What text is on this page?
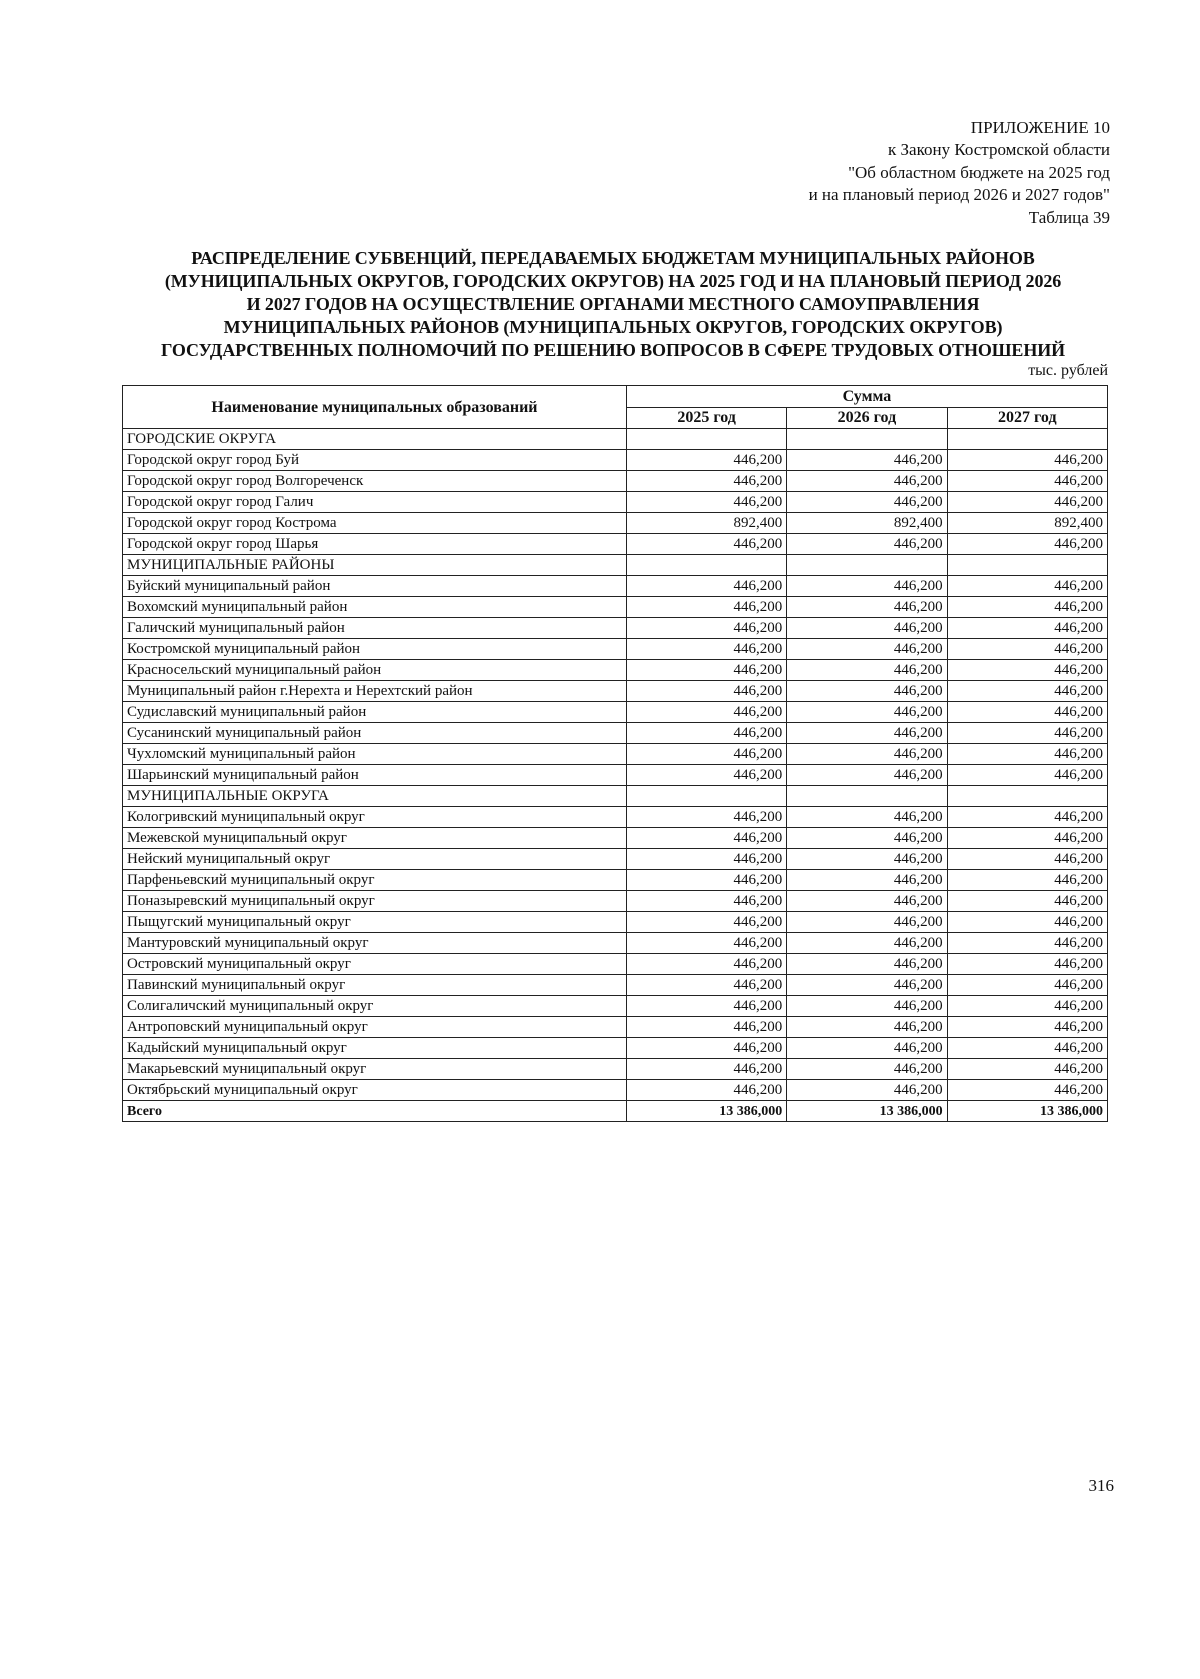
ПРИЛОЖЕНИЕ 10
к Закону Костромской области
"Об областном бюджете на 2025 год
и на плановый период 2026 и 2027 годов"
Таблица 39
РАСПРЕДЕЛЕНИЕ СУБВЕНЦИЙ, ПЕРЕДАВАЕМЫХ БЮДЖЕТАМ МУНИЦИПАЛЬНЫХ РАЙОНОВ
(МУНИЦИПАЛЬНЫХ ОКРУГОВ, ГОРОДСКИХ ОКРУГОВ) НА 2025 ГОД И НА ПЛАНОВЫЙ ПЕРИОД 2026
И 2027 ГОДОВ НА ОСУЩЕСТВЛЕНИЕ ОРГАНАМИ МЕСТНОГО САМОУПРАВЛЕНИЯ
МУНИЦИПАЛЬНЫХ РАЙОНОВ (МУНИЦИПАЛЬНЫХ ОКРУГОВ, ГОРОДСКИХ ОКРУГОВ)
ГОСУДАРСТВЕННЫХ ПОЛНОМОЧИЙ ПО РЕШЕНИЮ ВОПРОСОВ В СФЕРЕ ТРУДОВЫХ ОТНОШЕНИЙ
тыс. рублей
Наименование муниципальных образований	Сумма		
	2025 год	2026 год	2027 год
ГОРОДСКИЕ ОКРУГА			
Городской округ город Буй	446,200	446,200	446,200
Городской округ город Волгореченск	446,200	446,200	446,200
Городской округ город Галич	446,200	446,200	446,200
Городской округ город Кострома	892,400	892,400	892,400
Городской округ город Шарья	446,200	446,200	446,200
МУНИЦИПАЛЬНЫЕ РАЙОНЫ			
Буйский муниципальный район	446,200	446,200	446,200
Вохомский муниципальный район	446,200	446,200	446,200
Галичский муниципальный район	446,200	446,200	446,200
Костромской муниципальный район	446,200	446,200	446,200
Красносельский муниципальный район	446,200	446,200	446,200
Муниципальный район г.Нерехта и Нерехтский район	446,200	446,200	446,200
Судиславский муниципальный район	446,200	446,200	446,200
Сусанинский муниципальный район	446,200	446,200	446,200
Чухломский муниципальный район	446,200	446,200	446,200
Шарьинский муниципальный район	446,200	446,200	446,200
МУНИЦИПАЛЬНЫЕ ОКРУГА			
Кологривский муниципальный округ	446,200	446,200	446,200
Межевской муниципальный округ	446,200	446,200	446,200
Нейский муниципальный округ	446,200	446,200	446,200
Парфеньевский муниципальный округ	446,200	446,200	446,200
Поназыревский муниципальный округ	446,200	446,200	446,200
Пыщугский муниципальный округ	446,200	446,200	446,200
Мантуровский муниципальный округ	446,200	446,200	446,200
Островский муниципальный округ	446,200	446,200	446,200
Павинский муниципальный округ	446,200	446,200	446,200
Солигаличский муниципальный округ	446,200	446,200	446,200
Антроповский муниципальный округ	446,200	446,200	446,200
Кадыйский муниципальный округ	446,200	446,200	446,200
Макарьевский муниципальный округ	446,200	446,200	446,200
Октябрьский муниципальный округ	446,200	446,200	446,200
Всего	13 386,000	13 386,000	13 386,000
316
